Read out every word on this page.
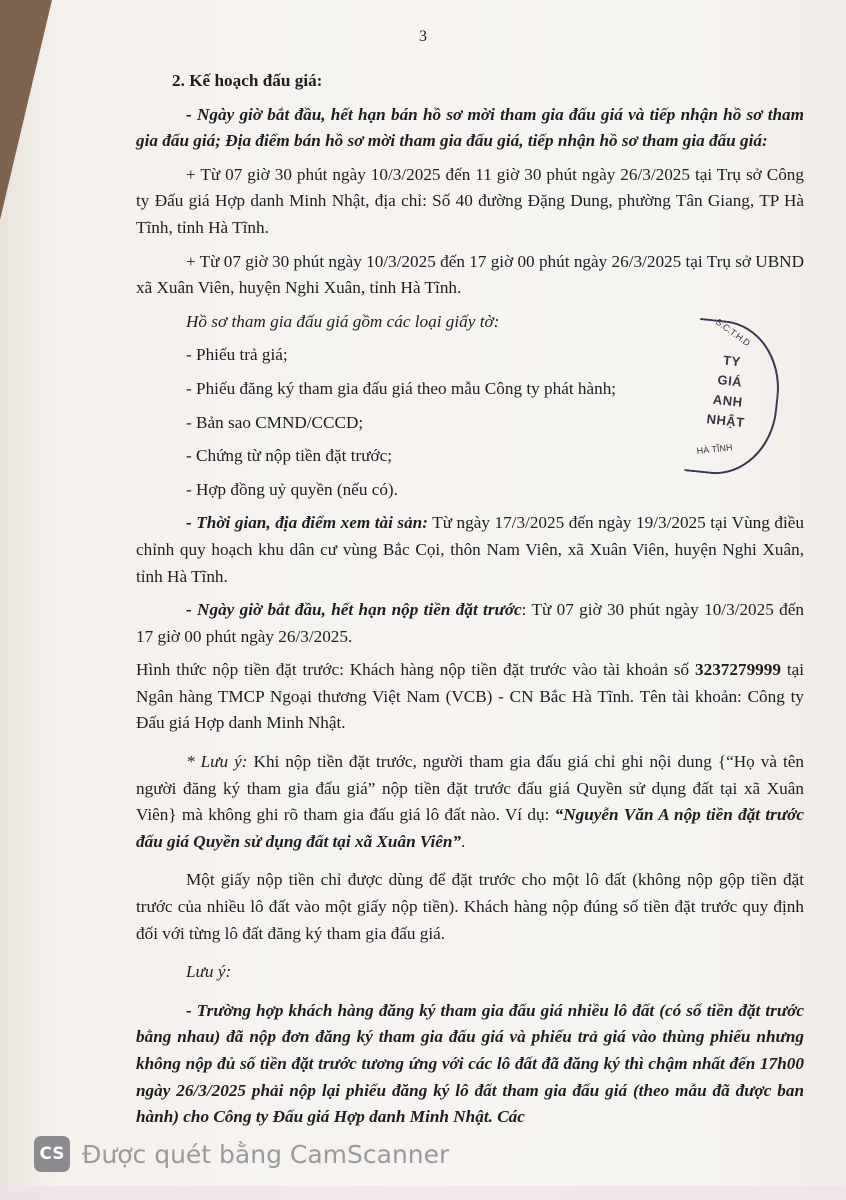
3

2. Kế hoạch đấu giá:

- Ngày giờ bắt đầu, hết hạn bán hồ sơ mời tham gia đấu giá và tiếp nhận hồ sơ tham gia đấu giá; Địa điểm bán hồ sơ mời tham gia đấu giá, tiếp nhận hồ sơ tham gia đấu giá:

+ Từ 07 giờ 30 phút ngày 10/3/2025 đến 11 giờ 30 phút ngày 26/3/2025 tại Trụ sở Công ty Đấu giá Hợp danh Minh Nhật, địa chỉ: Số 40 đường Đặng Dung, phường Tân Giang, TP Hà Tĩnh, tỉnh Hà Tĩnh.

+ Từ 07 giờ 30 phút ngày 10/3/2025 đến 17 giờ 00 phút ngày 26/3/2025 tại Trụ sở UBND xã Xuân Viên, huyện Nghi Xuân, tỉnh Hà Tĩnh.

Hồ sơ tham gia đấu giá gồm các loại giấy tờ:

- Phiếu trả giá;

- Phiếu đăng ký tham gia đấu giá theo mẫu Công ty phát hành;

- Bản sao CMND/CCCD;

- Chứng từ nộp tiền đặt trước;

- Hợp đồng uỷ quyền (nếu có).

- Thời gian, địa điểm xem tài sản: Từ ngày 17/3/2025 đến ngày 19/3/2025 tại Vùng điều chỉnh quy hoạch khu dân cư vùng Bắc Cọi, thôn Nam Viên, xã Xuân Viên, huyện Nghi Xuân, tỉnh Hà Tĩnh.

- Ngày giờ bắt đầu, hết hạn nộp tiền đặt trước: Từ 07 giờ 30 phút ngày 10/3/2025 đến 17 giờ 00 phút ngày 26/3/2025.

Hình thức nộp tiền đặt trước: Khách hàng nộp tiền đặt trước vào tài khoản số 3237279999 tại Ngân hàng TMCP Ngoại thương Việt Nam (VCB) - CN Bắc Hà Tĩnh. Tên tài khoản: Công ty Đấu giá Hợp danh Minh Nhật.

* Lưu ý: Khi nộp tiền đặt trước, người tham gia đấu giá chỉ ghi nội dung {“Họ và tên người đăng ký tham gia đấu giá” nộp tiền đặt trước đấu giá Quyền sử dụng đất tại xã Xuân Viên} mà không ghi rõ tham gia đấu giá lô đất nào. Ví dụ: “Nguyễn Văn A nộp tiền đặt trước đấu giá Quyền sử dụng đất tại xã Xuân Viên”.

Một giấy nộp tiền chỉ được dùng để đặt trước cho một lô đất (không nộp gộp tiền đặt trước của nhiều lô đất vào một giấy nộp tiền). Khách hàng nộp đúng số tiền đặt trước quy định đối với từng lô đất đăng ký tham gia đấu giá.

Lưu ý:

- Trường hợp khách hàng đăng ký tham gia đấu giá nhiều lô đất (có số tiền đặt trước bằng nhau) đã nộp đơn đăng ký tham gia đấu giá và phiếu trả giá vào thùng phiếu nhưng không nộp đủ số tiền đặt trước tương ứng với các lô đất đã đăng ký thì chậm nhất đến 17h00 ngày 26/3/2025 phải nộp lại phiếu đăng ký lô đất tham gia đấu giá (theo mẫu đã được ban hành) cho Công ty Đấu giá Hợp danh Minh Nhật. Các

S.C.T.H.D
TY
GIÁ
ANH
NHẬT
HÀ TĨNH
CS Được quét bằng CamScanner
